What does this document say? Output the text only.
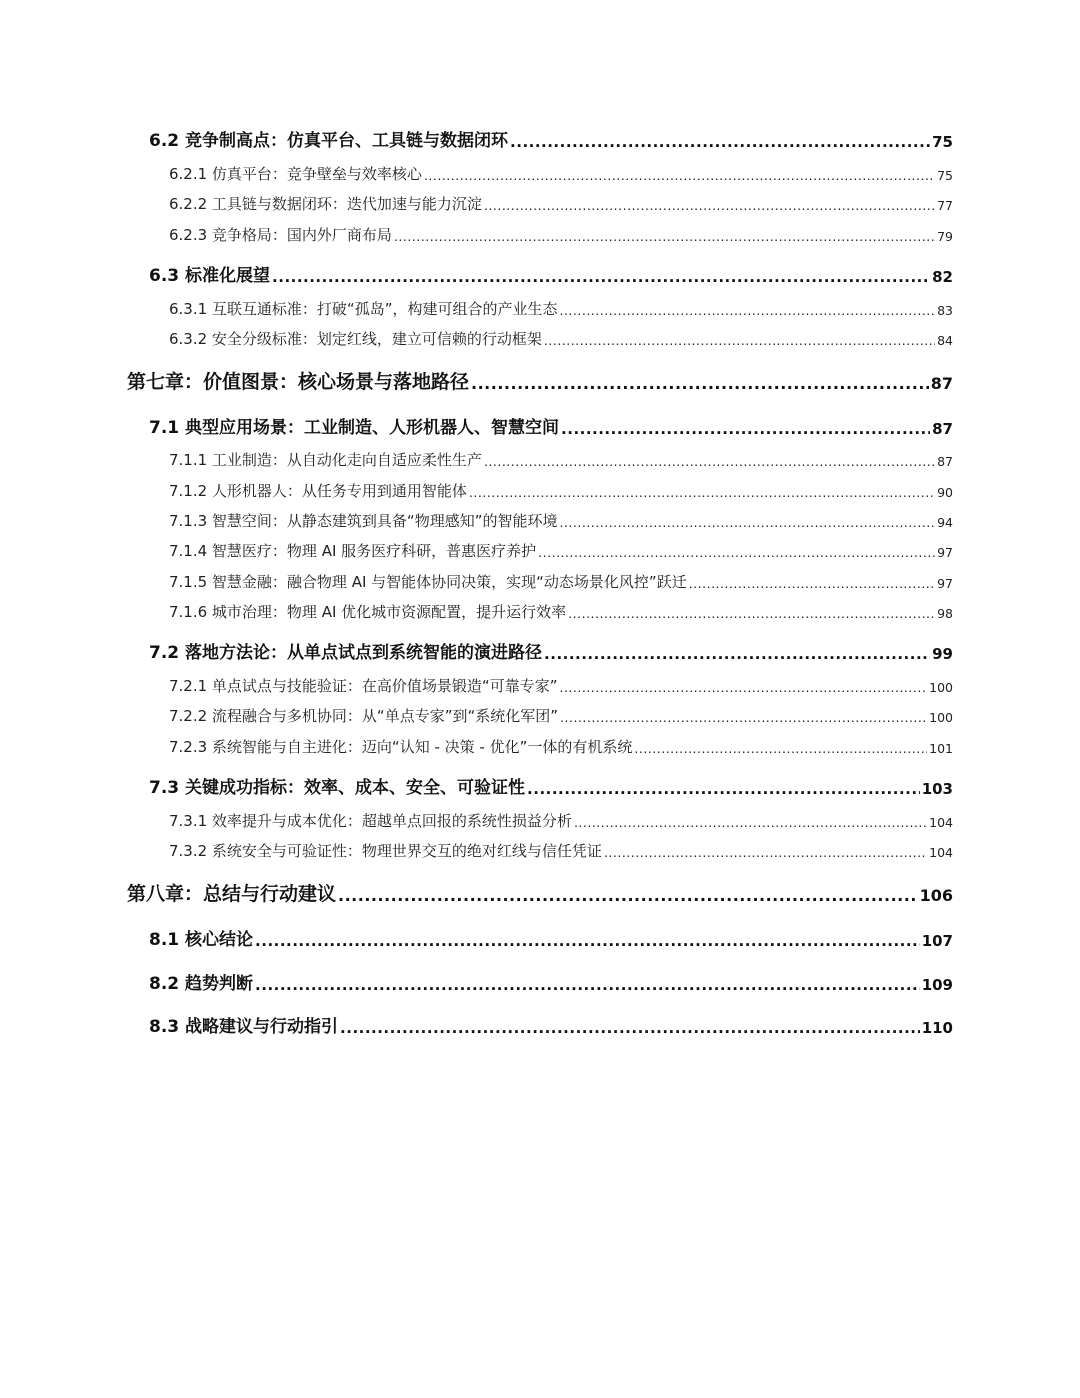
6.2 竞争制高点：仿真平台、工具链与数据闭环 .....	75
6.2.1 仿真平台：竞争壁垒与效率核心 .....	75
6.2.2 工具链与数据闭环：迭代加速与能力沉淀 .....	77
6.2.3 竞争格局：国内外厂商布局 .....	79
6.3 标准化展望 .....	82
6.3.1 互联互通标准：打破“孤岛”，构建可组合的产业生态 .....	83
6.3.2 安全分级标准：划定红线，建立可信赖的行动框架 .....	84
第七章：价值图景：核心场景与落地路径 .....	87
7.1 典型应用场景：工业制造、人形机器人、智慧空间 .....	87
7.1.1 工业制造：从自动化走向自适应柔性生产 .....	87
7.1.2 人形机器人：从任务专用到通用智能体 .....	90
7.1.3 智慧空间：从静态建筑到具备“物理感知”的智能环境 .....	94
7.1.4 智慧医疗：物理 AI 服务医疗科研，普惠医疗养护 .....	97
7.1.5 智慧金融：融合物理 AI 与智能体协同决策，实现“动态场景化风控”跃迁 .....	97
7.1.6 城市治理：物理 AI 优化城市资源配置，提升运行效率 .....	98
7.2 落地方法论：从单点试点到系统智能的演进路径 .....	99
7.2.1 单点试点与技能验证：在高价值场景锻造“可靠专家” .....	100
7.2.2 流程融合与多机协同：从“单点专家”到“系统化军团” .....	100
7.2.3 系统智能与自主进化：迈向“认知 - 决策 - 优化”一体的有机系统 .....	101
7.3 关键成功指标：效率、成本、安全、可验证性 .....	103
7.3.1 效率提升与成本优化：超越单点回报的系统性损益分析 .....	104
7.3.2 系统安全与可验证性：物理世界交互的绝对红线与信任凭证 .....	104
第八章：总结与行动建议 .....	106
8.1 核心结论 .....	107
8.2 趋势判断 .....	109
8.3 战略建议与行动指引 .....	110
